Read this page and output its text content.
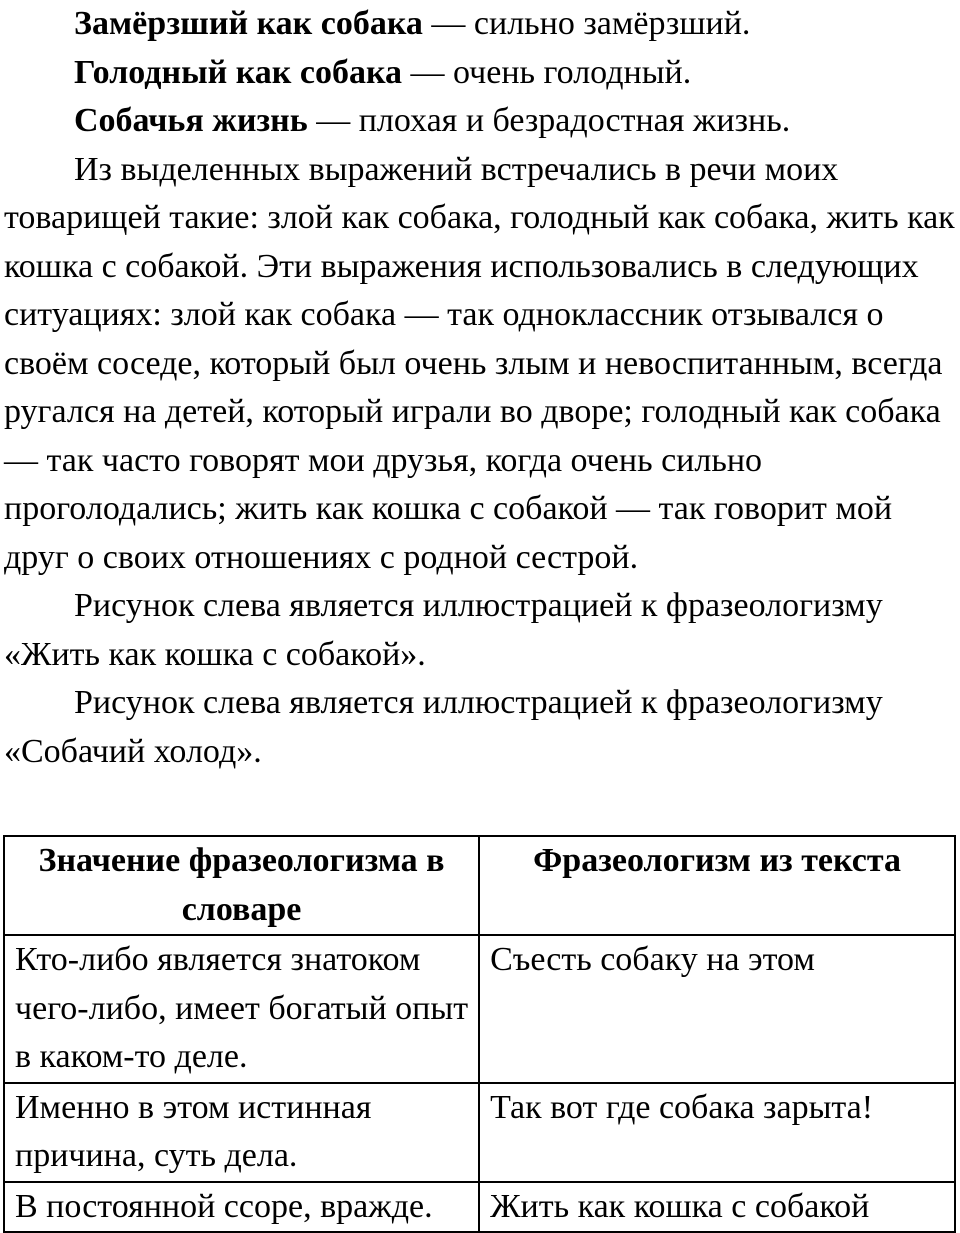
Замёрзший как собака — сильно замёрзший.

Голодный как собака — очень голодный.

Собачья жизнь — плохая и безрадостная жизнь.

Из выделенных выражений встречались в речи моих товарищей такие: злой как собака, голодный как собака, жить как кошка с собакой. Эти выражения использовались в следующих ситуациях: злой как собака — так одноклассник отзывался о своём соседе, который был очень злым и невоспитанным, всегда ругался на детей, который играли во дворе; голодный как собака — так часто говорят мои друзья, когда очень сильно проголодались; жить как кошка с собакой — так говорит мой друг о своих отношениях с родной сестрой.

Рисунок слева является иллюстрацией к фразеологизму «Жить как кошка с собакой».

Рисунок слева является иллюстрацией к фразеологизму «Собачий холод».

Значение фразеологизма в словаре	Фразеологизм из текста
Кто-либо является знатоком чего-либо, имеет богатый опыт в каком-то деле.	Съесть собаку на этом
Именно в этом истинная причина, суть дела.	Так вот где собака зарыта!
В постоянной ссоре, вражде.	Жить как кошка с собакой
